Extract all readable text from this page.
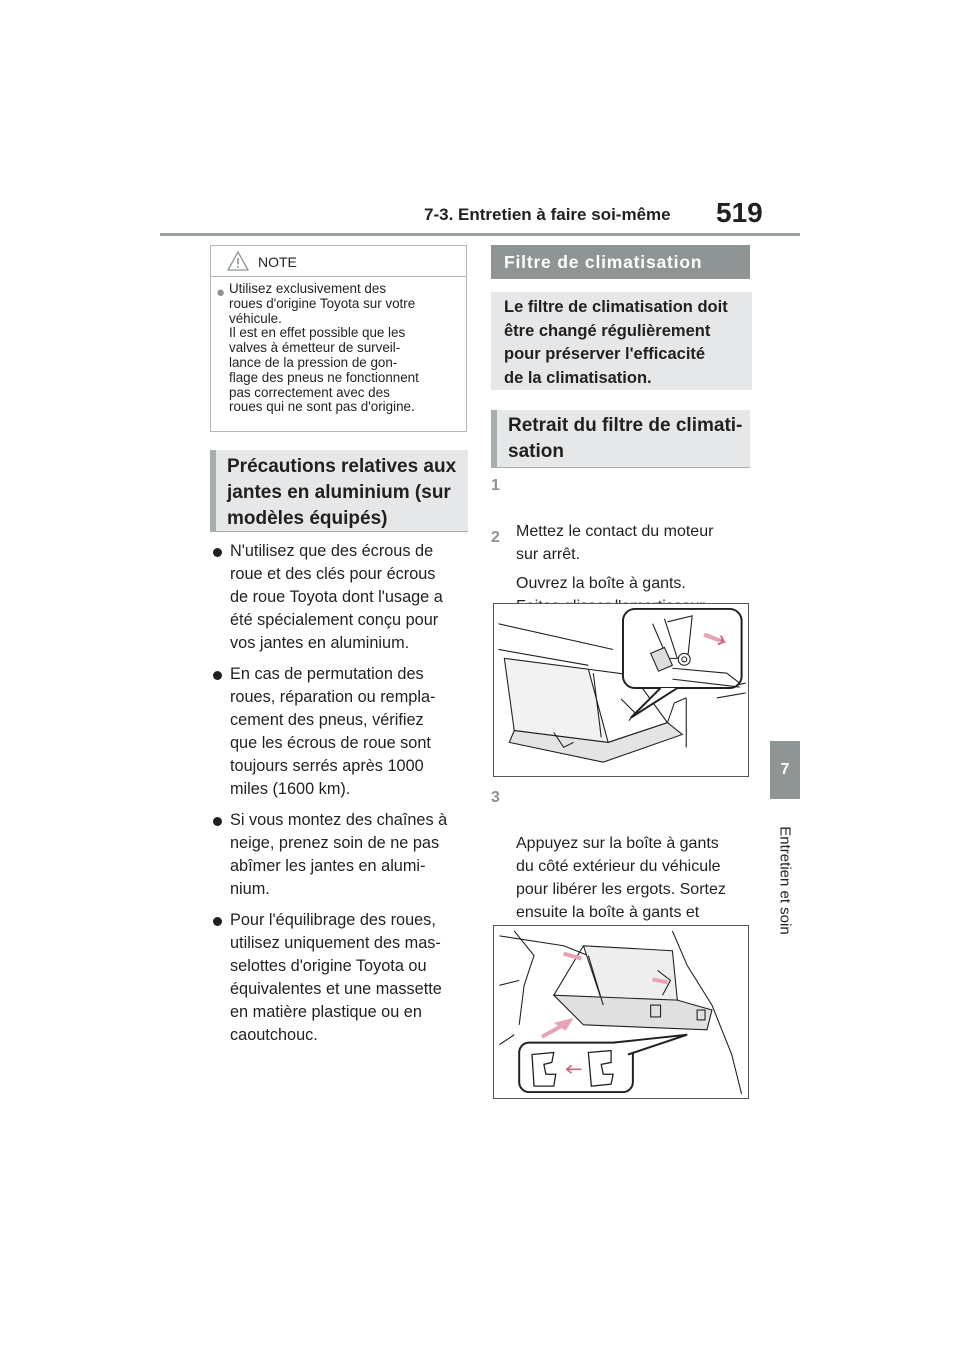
7-3. Entretien à faire soi-même 519
7
Entretien et soin
NOTE
● Utilisez exclusivement des
roues d'origine Toyota sur votre
véhicule.
Il est en effet possible que les
valves à émetteur de surveil-
lance de la pression de gon-
flage des pneus ne fonctionnent
pas correctement avec des
roues qui ne sont pas d'origine.
Précautions relatives aux
jantes en aluminium (sur
modèles équipés)
N'utilisez que des écrous de
roue et des clés pour écrous
de roue Toyota dont l'usage a
été spécialement conçu pour
vos jantes en aluminium.
En cas de permutation des
roues, réparation ou rempla-
cement des pneus, vérifiez
que les écrous de roue sont
toujours serrés après 1000
miles (1600 km).
Si vous montez des chaînes à
neige, prenez soin de ne pas
abîmer les jantes en alumi-
nium.
Pour l'équilibrage des roues,
utilisez uniquement des mas-
selottes d'origine Toyota ou
équivalentes et une massette
en matière plastique ou en
caoutchouc.
Filtre de climatisation
Le filtre de climatisation doit
être changé régulièrement
pour préserver l'efficacité
de la climatisation.
Retrait du filtre de climati-
sation

1

Mettez le contact du moteur
sur arrêt.

2

Ouvrez la boîte à gants.

3

Appuyez sur la boîte à gants
du côté extérieur du véhicule
pour libérer les ergots. Sortez
ensuite la boîte à gants et
